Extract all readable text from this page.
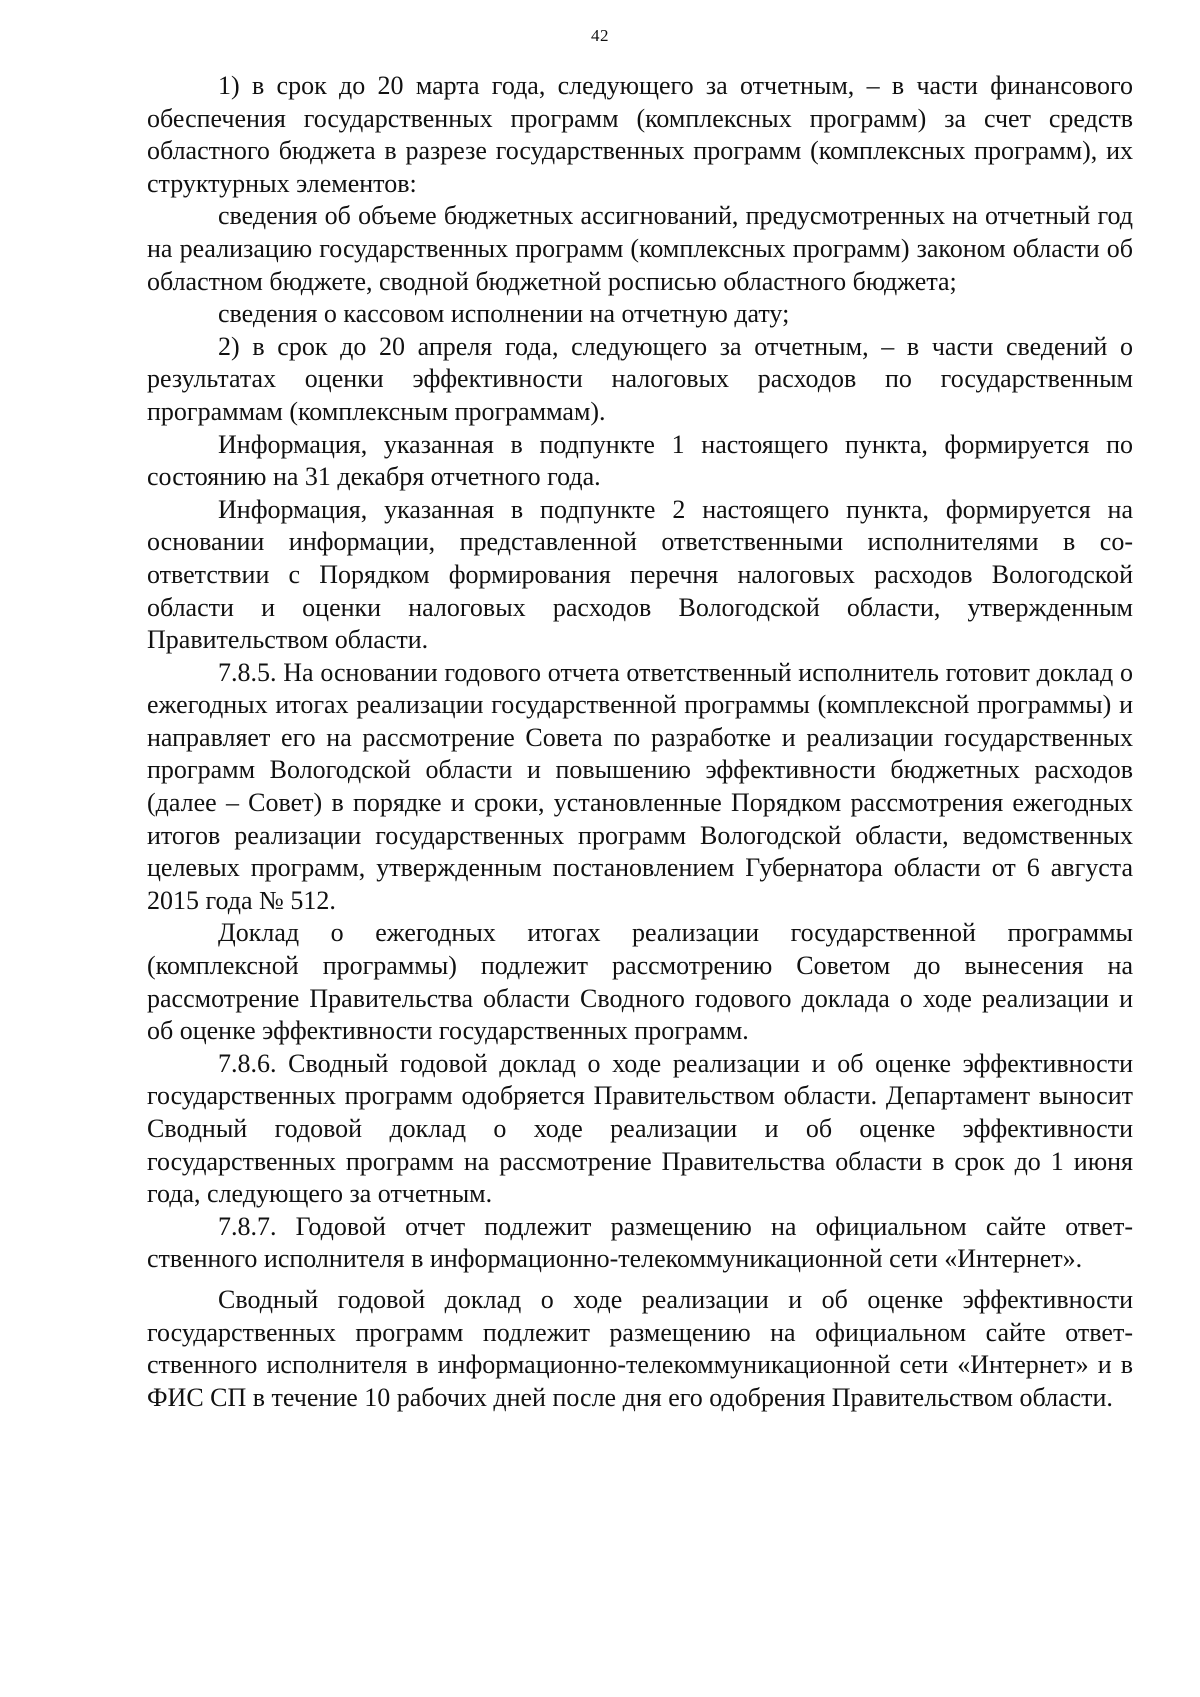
42

1) в срок до 20 марта года, следующего за отчетным, – в части финансового обеспечения государственных программ (комплексных программ) за счет средств областного бюджета в разрезе государственных программ (комплексных программ), их структурных элементов:

сведения об объеме бюджетных ассигнований, предусмотренных на отчетный год на реализацию государственных программ (комплексных программ) законом области об областном бюджете, сводной бюджетной росписью областного бюджета;

сведения о кассовом исполнении на отчетную дату;

2) в срок до 20 апреля года, следующего за отчетным, – в части сведений о результатах оценки эффективности налоговых расходов по государственным программам (комплексным программам).

Информация, указанная в подпункте 1 настоящего пункта, формируется по состоянию на 31 декабря отчетного года.

Информация, указанная в подпункте 2 настоящего пункта, формируется на основании информации, представленной ответственными исполнителями в соответствии с Порядком формирования перечня налоговых расходов Вологодской области и оценки налоговых расходов Вологодской области, утвержденным Правительством области.

7.8.5. На основании годового отчета ответственный исполнитель готовит доклад о ежегодных итогах реализации государственной программы (комплексной программы) и направляет его на рассмотрение Совета по разработке и реализации государственных программ Вологодской области и повышению эффективности бюджетных расходов (далее – Совет) в порядке и сроки, установленные Порядком рассмотрения ежегодных итогов реализации государственных программ Вологодской области, ведомственных целевых программ, утвержденным постановлением Губернатора области от 6 августа 2015 года № 512.

Доклад о ежегодных итогах реализации государственной программы (комплексной программы) подлежит рассмотрению Советом до вынесения на рассмотрение Правительства области Сводного годового доклада о ходе реализации и об оценке эффективности государственных программ.

7.8.6. Сводный годовой доклад о ходе реализации и об оценке эффективности государственных программ одобряется Правительством области. Департамент выносит Сводный годовой доклад о ходе реализации и об оценке эффективности государственных программ на рассмотрение Правительства области в срок до 1 июня года, следующего за отчетным.

7.8.7. Годовой отчет подлежит размещению на официальном сайте ответственного исполнителя в информационно-телекоммуникационной сети «Интернет».

Сводный годовой доклад о ходе реализации и об оценке эффективности государственных программ подлежит размещению на официальном сайте ответственного исполнителя в информационно-телекоммуникационной сети «Интернет» и в ФИС СП в течение 10 рабочих дней после дня его одобрения Правительством области.
